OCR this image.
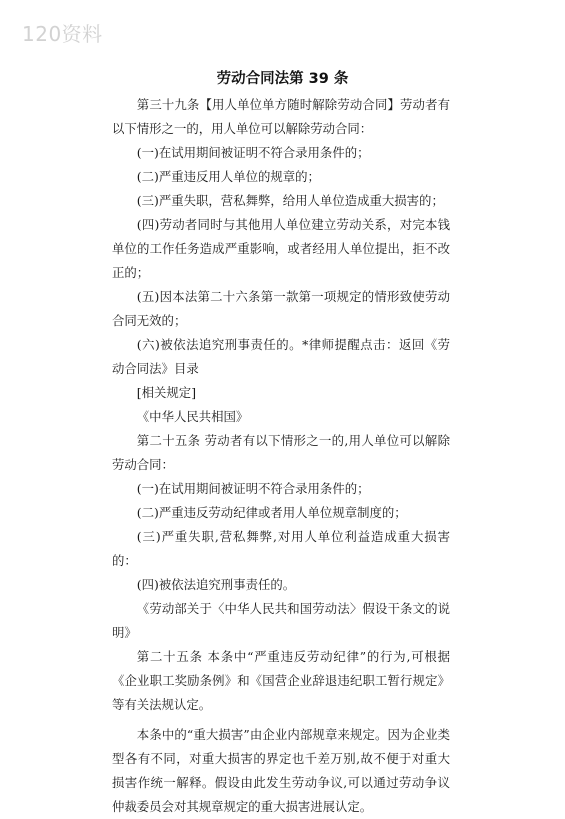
120资料
劳动合同法第 39 条

第三十九条【用人单位单方随时解除劳动合同】劳动者有以下情形之一的，用人单位可以解除劳动合同：

(一)在试用期间被证明不符合录用条件的；

(二)严重违反用人单位的规章的；

(三)严重失职，营私舞弊，给用人单位造成重大损害的；

(四)劳动者同时与其他用人单位建立劳动关系，对完本钱单位的工作任务造成严重影响，或者经用人单位提出，拒不改正的；

(五)因本法第二十六条第一款第一项规定的情形致使劳动合同无效的；

(六)被依法追究刑事责任的。*律师提醒点击：返回《劳动合同法》目录

[相关规定]

《中华人民共相国》

第二十五条 劳动者有以下情形之一的,用人单位可以解除劳动合同：

(一)在试用期间被证明不符合录用条件的；

(二)严重违反劳动纪律或者用人单位规章制度的；

(三)严重失职,营私舞弊,对用人单位利益造成重大损害的：

(四)被依法追究刑事责任的。

《劳动部关于〈中华人民共和国劳动法〉假设干条文的说明》

第二十五条 本条中“严重违反劳动纪律”的行为,可根据《企业职工奖励条例》和《国营企业辞退违纪职工暂行规定》等有关法规认定。

本条中的“重大损害”由企业内部规章来规定。因为企业类型各有不同，对重大损害的界定也千差万别,故不便于对重大损害作统一解释。假设由此发生劳动争议,可以通过劳动争议仲裁委员会对其规章规定的重大损害进展认定。
